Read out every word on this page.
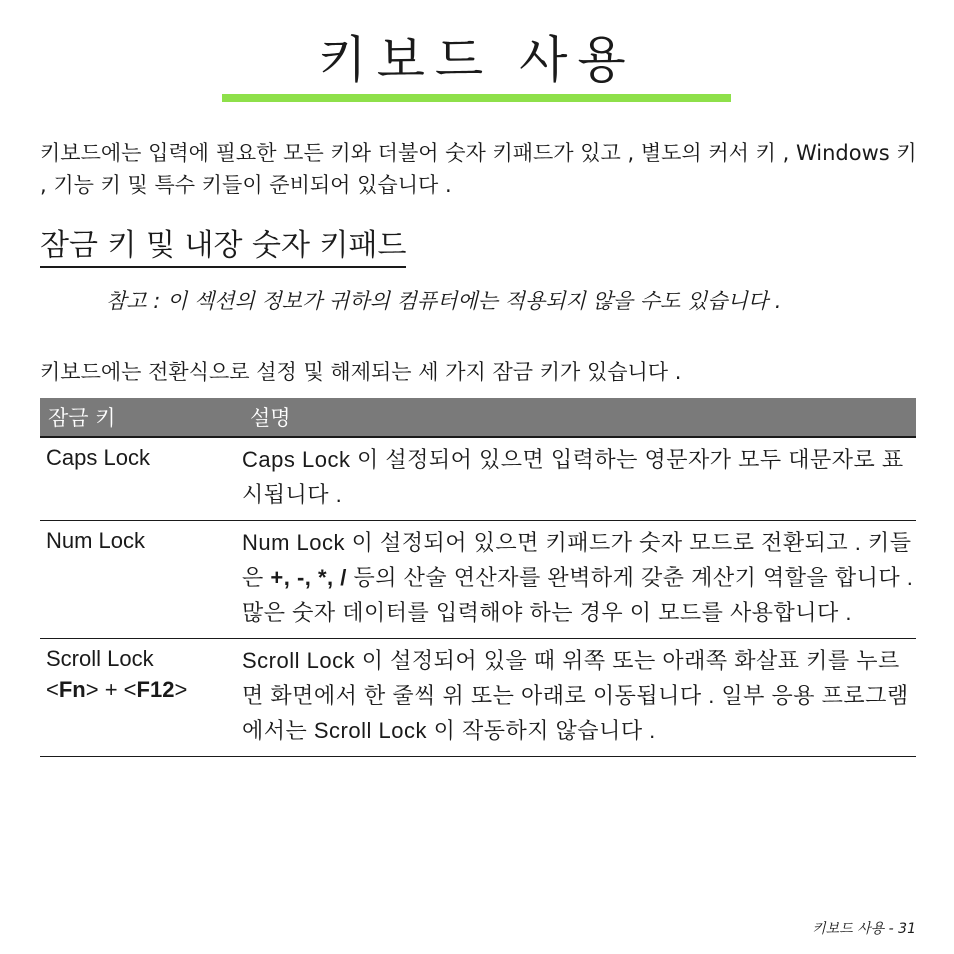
키보드 사용

키보드에는 입력에 필요한 모든 키와 더불어 숫자 키패드가 있고 , 별도의 커서 키 , Windows 키 , 기능 키 및 특수 키들이 준비되어 있습니다 .

잠금 키 및 내장 숫자 키패드

참고 : 이 섹션의 정보가 귀하의 컴퓨터에는 적용되지 않을 수도 있습니다 .

키보드에는 전환식으로 설정 및 해제되는 세 가지 잠금 키가 있습니다 .

잠금 키	설명
Caps Lock	Caps Lock 이 설정되어 있으면 입력하는 영문자가 모두 대문자로 표시됩니다 .
Num Lock	Num Lock 이 설정되어 있으면 키패드가 숫자 모드로 전환되고 . 키들은 +, -, *, / 등의 산술 연산자를 완벽하게 갖춘 계산기 역할을 합니다 . 많은 숫자 데이터를 입력해야 하는 경우 이 모드를 사용합니다 .
Scroll Lock
<Fn> + <F12>	Scroll Lock 이 설정되어 있을 때 위쪽 또는 아래쪽 화살표 키를 누르면 화면에서 한 줄씩 위 또는 아래로 이동됩니다 . 일부 응용 프로그램에서는 Scroll Lock 이 작동하지 않습니다 .
키보드 사용 - 31
